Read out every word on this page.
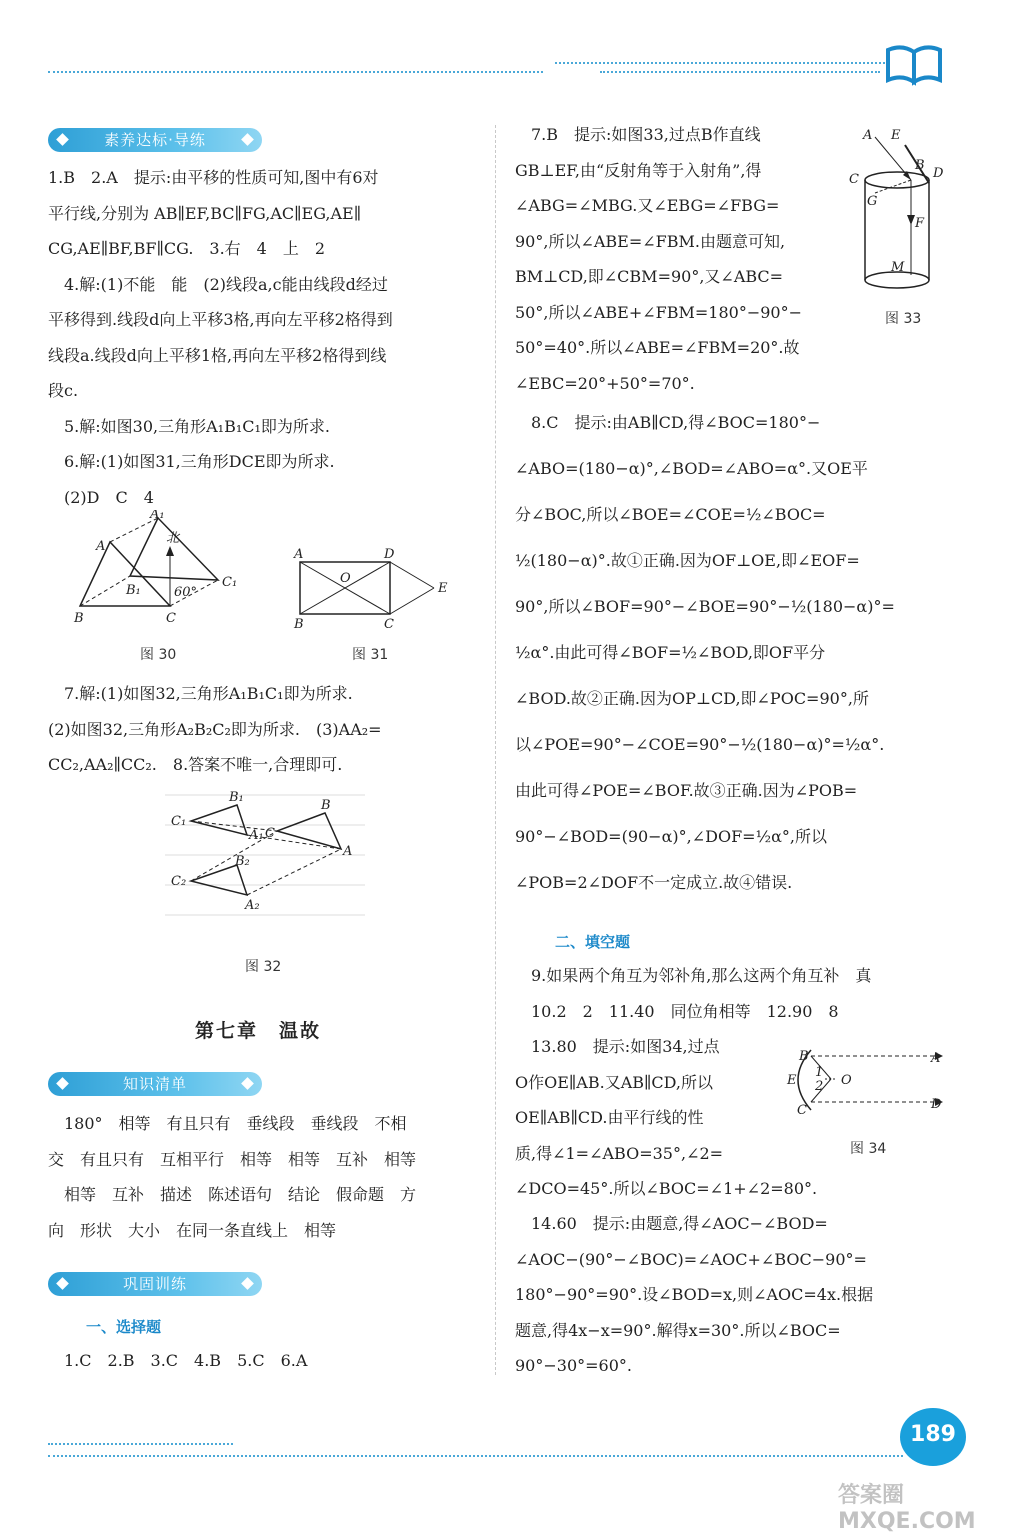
素养达标·导练

1.B　2.A　提示:由平移的性质可知,图中有6对

平行线,分别为 AB∥EF,BC∥FG,AC∥EG,AE∥

CG,AE∥BF,BF∥CG.　3.右　4　上　2

　4.解:(1)不能　能　(2)线段a,c能由线段d经过

平移得到.线段d向上平移3格,再向左平移2格得到

线段a.线段d向上平移1格,再向左平移2格得到线

段c.

　5.解:如图30,三角形A₁B₁C₁即为所求.

　6.解:(1)如图31,三角形DCE即为所求.

　(2)D　C　4

A₁
A
北
B₁	60°
C₁
B	C
图 30
A	D
O
E
B	C
图 31

　7.解:(1)如图32,三角形A₁B₁C₁即为所求.

(2)如图32,三角形A₂B₂C₂即为所求.　(3)AA₂=

CC₂,AA₂∥CC₂.　8.答案不唯一,合理即可.

B₁
C₁
A₁
B
A
C
B₂
C₂
A₂
图 32
第七章　温故
知识清单

　180°　相等　有且只有　垂线段　垂线段　不相

交　有且只有　互相平行　相等　相等　互补　相等

　相等　互补　描述　陈述语句　结论　假命题　方

向　形状　大小　在同一条直线上　相等

巩固训练
一、选择题

　1.C　2.B　3.C　4.B　5.C　6.A

　7.B　提示:如图33,过点B作直线

GB⊥EF,由“反射角等于入射角”,得

∠ABG=∠MBG.又∠EBG=∠FBG=

90°,所以∠ABE=∠FBM.由题意可知,

BM⊥CD,即∠CBM=90°,又∠ABC=

50°,所以∠ABE+∠FBM=180°−90°−

50°=40°.所以∠ABE=∠FBM=20°.故

∠EBC=20°+50°=70°.

A E
B
C	D
G
F
M
图 33

　8.C　提示:由AB∥CD,得∠BOC=180°−

∠ABO=(180−α)°,∠BOD=∠ABO=α°.又OE平

分∠BOC,所以∠BOE=∠COE=½∠BOC=

½(180−α)°.故①正确.因为OF⊥OE,即∠EOF=

90°,所以∠BOF=90°−∠BOE=90°−½(180−α)°=

½α°.由此可得∠BOF=½∠BOD,即OF平分

∠BOD.故②正确.因为OP⊥CD,即∠POC=90°,所

以∠POE=90°−∠COE=90°−½(180−α)°=½α°.

由此可得∠POE=∠BOF.故③正确.因为∠POB=

90°−∠BOD=(90−α)°,∠DOF=½α°,所以

∠POB=2∠DOF不一定成立.故④错误.

二、填空题

　9.如果两个角互为邻补角,那么这两个角互补　真

　10.2　2　11.40　同位角相等　12.90　8

　13.80　提示:如图34,过点

O作OE∥AB.又AB∥CD,所以

OE∥AB∥CD.由平行线的性

质,得∠1=∠ABO=35°,∠2=

∠DCO=45°.所以∠BOC=∠1+∠2=80°.

B	A
E
1
2 O
C	D
图 34

　14.60　提示:由题意,得∠AOC−∠BOD=

∠AOC−(90°−∠BOC)=∠AOC+∠BOC−90°=

180°−90°=90°.设∠BOD=x,则∠AOC=4x.根据

题意,得4x−x=90°.解得x=30°.所以∠BOC=

90°−30°=60°.

189
答案圈 MXQE.COM
